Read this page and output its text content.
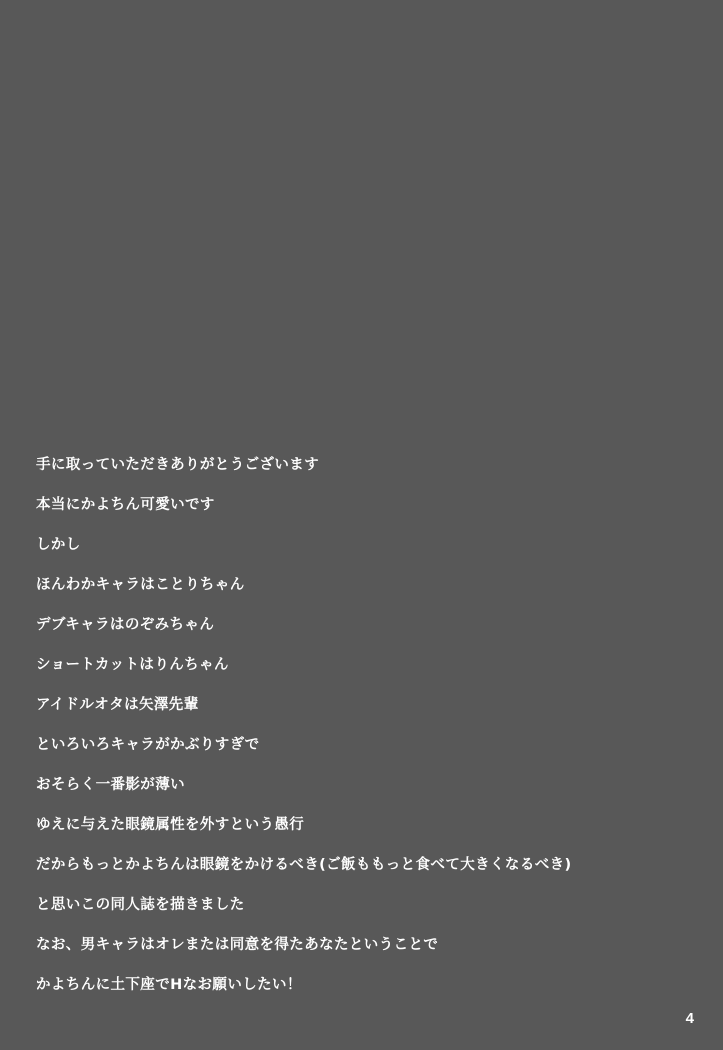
手に取っていただきありがとうございます
本当にかよちん可愛いです
しかし
ほんわかキャラはことりちゃん
デブキャラはのぞみちゃん
ショートカットはりんちゃん
アイドルオタは矢澤先輩
といろいろキャラがかぶりすぎで
おそらく一番影が薄い
ゆえに与えた眼鏡属性を外すという愚行
だからもっとかよちんは眼鏡をかけるべき(ご飯ももっと食べて大きくなるべき)
と思いこの同人誌を描きました
なお、男キャラはオレまたは同意を得たあなたということで
かよちんに土下座でHなお願いしたい！
4
